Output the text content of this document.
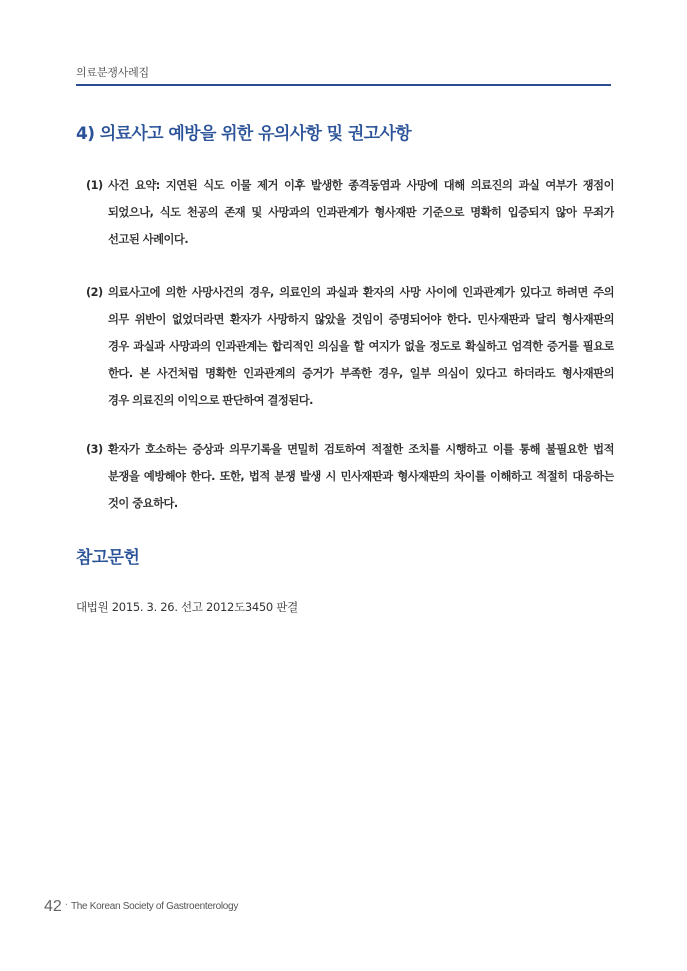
의료분쟁사례집
4) 의료사고 예방을 위한 유의사항 및 권고사항
(1) 사건 요약: 지연된 식도 이물 제거 이후 발생한 종격동염과 사망에 대해 의료진의 과실 여부가 쟁점이
되었으나, 식도 천공의 존재 및 사망과의 인과관계가 형사재판 기준으로 명확히 입증되지 않아 무죄가
선고된 사례이다.
(2) 의료사고에 의한 사망사건의 경우, 의료인의 과실과 환자의 사망 사이에 인과관계가 있다고 하려면 주의
의무 위반이 없었더라면 환자가 사망하지 않았을 것임이 증명되어야 한다. 민사재판과 달리 형사재판의
경우 과실과 사망과의 인과관계는 합리적인 의심을 할 여지가 없을 정도로 확실하고 엄격한 증거를 필요로
한다. 본 사건처럼 명확한 인과관계의 증거가 부족한 경우, 일부 의심이 있다고 하더라도 형사재판의
경우 의료진의 이익으로 판단하여 결정된다.
(3) 환자가 호소하는 증상과 의무기록을 면밀히 검토하여 적절한 조치를 시행하고 이를 통해 불필요한 법적
분쟁을 예방해야 한다. 또한, 법적 분쟁 발생 시 민사재판과 형사재판의 차이를 이해하고 적절히 대응하는
것이 중요하다.
참고문헌
대법원 2015. 3. 26. 선고 2012도3450 판결
42 · The Korean Society of Gastroenterology
